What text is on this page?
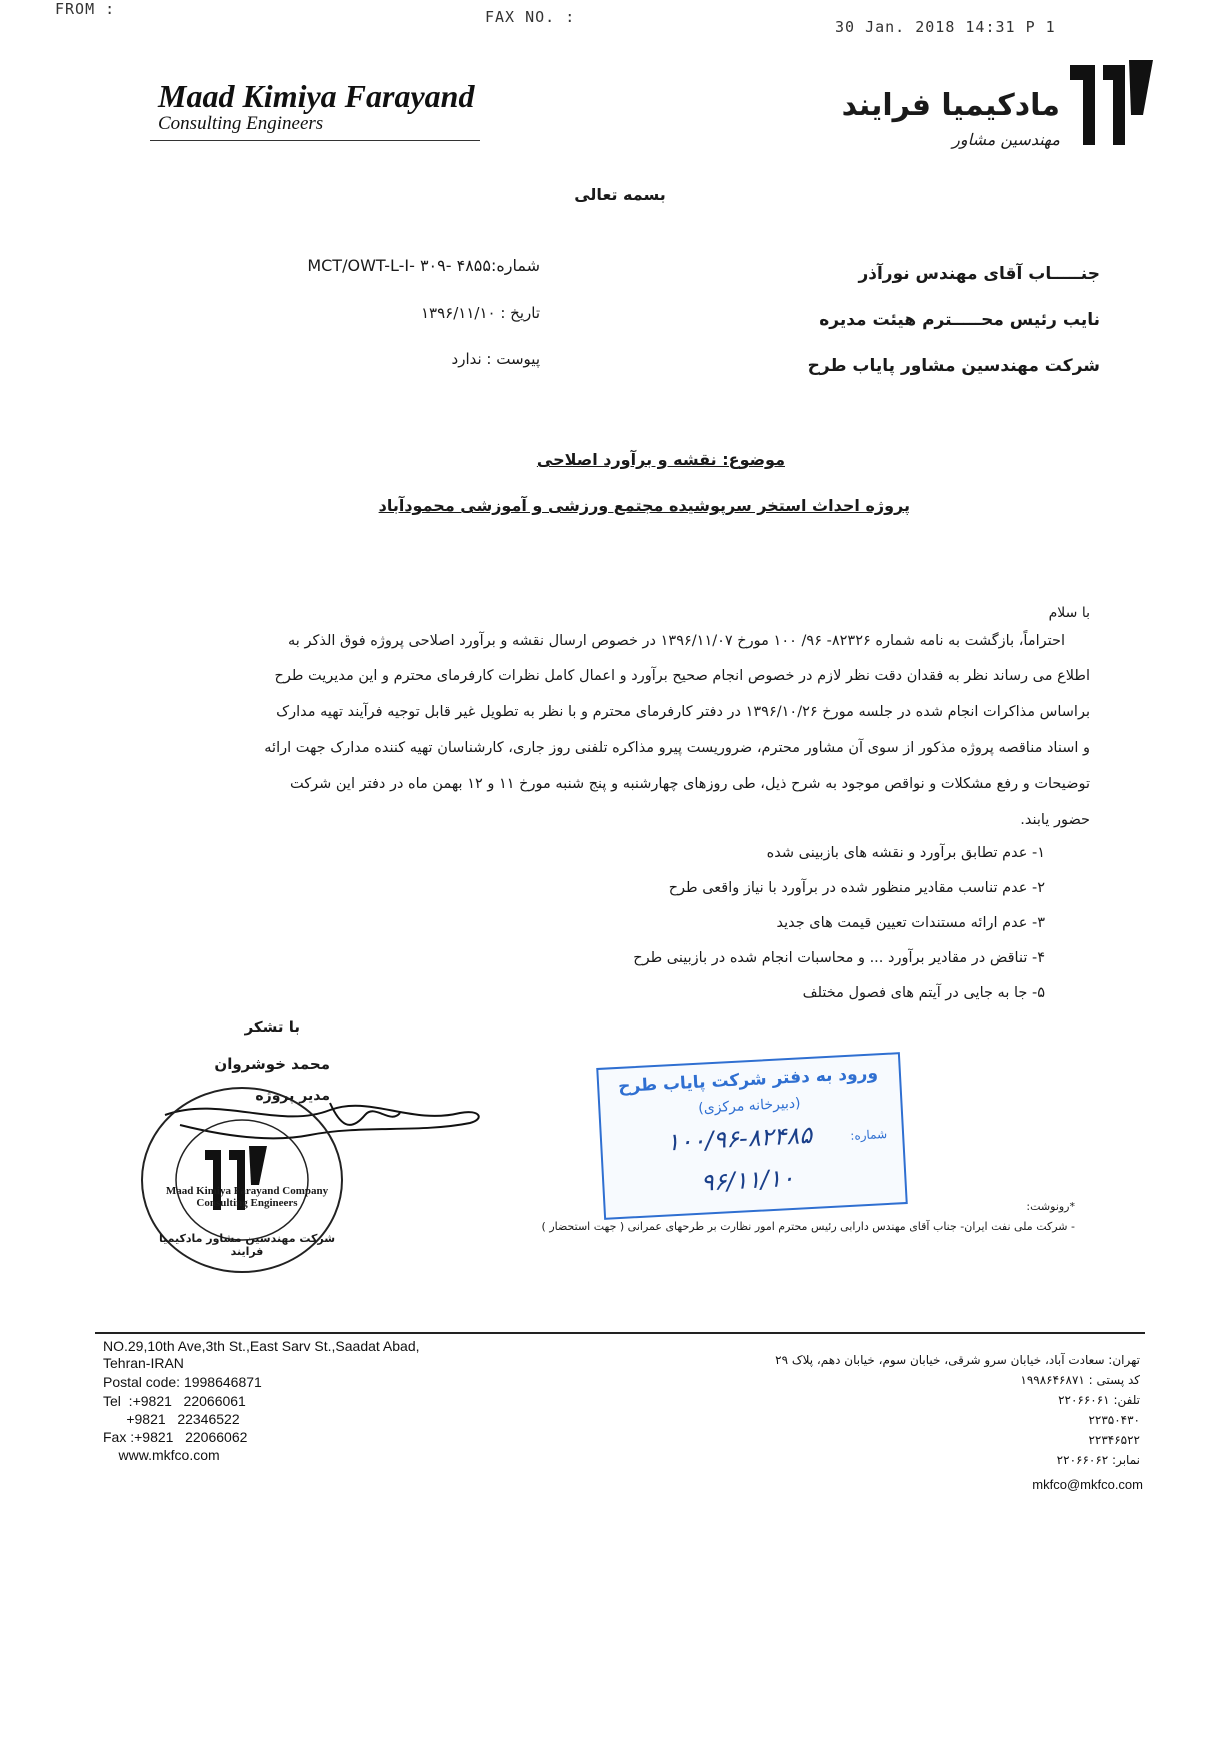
FROM :	FAX NO. :
30 Jan. 2018 14:31 P 1
Maad Kimiya Farayand
Consulting Engineers
مادکیمیا فرایند
مهندسین مشاور
بسمه تعالی
شماره:۴۸۵۵ -MCT/OWT-L-I- ۳۰۹
تاریخ : ۱۳۹۶/۱۱/۱۰
پیوست : ندارد
جنـــــاب آقای مهندس نورآذر
نایب رئیس محـــــترم هیئت مدیره
شرکت مهندسین مشاور پایاب طرح
موضوع: نقشه و برآورد اصلاحی
پروژه احداث استخر سرپوشیده مجتمع ورزشی و آموزشی محمودآباد
با سلام
احتراماً، بازگشت به نامه شماره ۸۲۳۲۶- ۹۶/ ۱۰۰ مورخ ۱۳۹۶/۱۱/۰۷ در خصوص ارسال نقشه و برآورد اصلاحی پروژه فوق الذکر به
اطلاع می رساند نظر به فقدان دقت نظر لازم در خصوص انجام صحیح برآورد و اعمال کامل نظرات کارفرمای محترم و این مدیریت طرح
براساس مذاکرات انجام شده در جلسه مورخ ۱۳۹۶/۱۰/۲۶ در دفتر کارفرمای محترم و با نظر به تطویل غیر قابل توجیه فرآیند تهیه مدارک
و اسناد مناقصه پروژه مذکور از سوی آن مشاور محترم، ضروریست پیرو مذاکره تلفنی روز جاری، کارشناسان تهیه کننده مدارک جهت ارائه
توضیحات و رفع مشکلات و نواقص موجود به شرح ذیل، طی روزهای چهارشنبه و پنج شنبه مورخ ۱۱ و ۱۲ بهمن ماه در دفتر این شرکت
حضور یابند.
۱- عدم تطابق برآورد و نقشه های بازبینی شده
۲- عدم تناسب مقادیر منظور شده در برآورد با نیاز واقعی طرح
۳- عدم ارائه مستندات تعیین قیمت های جدید
۴- تناقض در مقادیر برآورد ... و محاسبات انجام شده در بازبینی طرح
۵- جا به جایی در آیتم های فصول مختلف
با تشکر
محمد خوشروان
مدیر پروژه
Maad Kimiya Farayand Company Consulting Engineers
شرکت مهندسین مشاور مادکیمیا فرایند
ورود به دفتر شرکت پایاب طرح
(دبیرخانه مرکزی)
شماره:
۱۰۰/۹۶-۸۲۴۸۵
۹۶/۱۱/۱۰
*رونوشت:
- شرکت ملی نفت ایران- جناب آقای مهندس دارابی رئیس محترم امور نظارت بر طرحهای عمرانی ( جهت استحضار )
NO.29,10th Ave,3th St.,East Sarv St.,Saadat Abad,
Tehran-IRAN
Postal code: 1998646871
Tel  :+9821   22066061
+9821   22346522
Fax :+9821   22066062
www.mkfco.com
تهران: سعادت آباد، خیابان سرو شرقی، خیابان سوم، خیابان دهم، پلاک ۲۹
کد پستی : ۱۹۹۸۶۴۶۸۷۱
تلفن: ۲۲۰۶۶۰۶۱
۲۲۳۵۰۴۳۰
۲۲۳۴۶۵۲۲
نمابر: ۲۲۰۶۶۰۶۲
mkfco@mkfco.com
